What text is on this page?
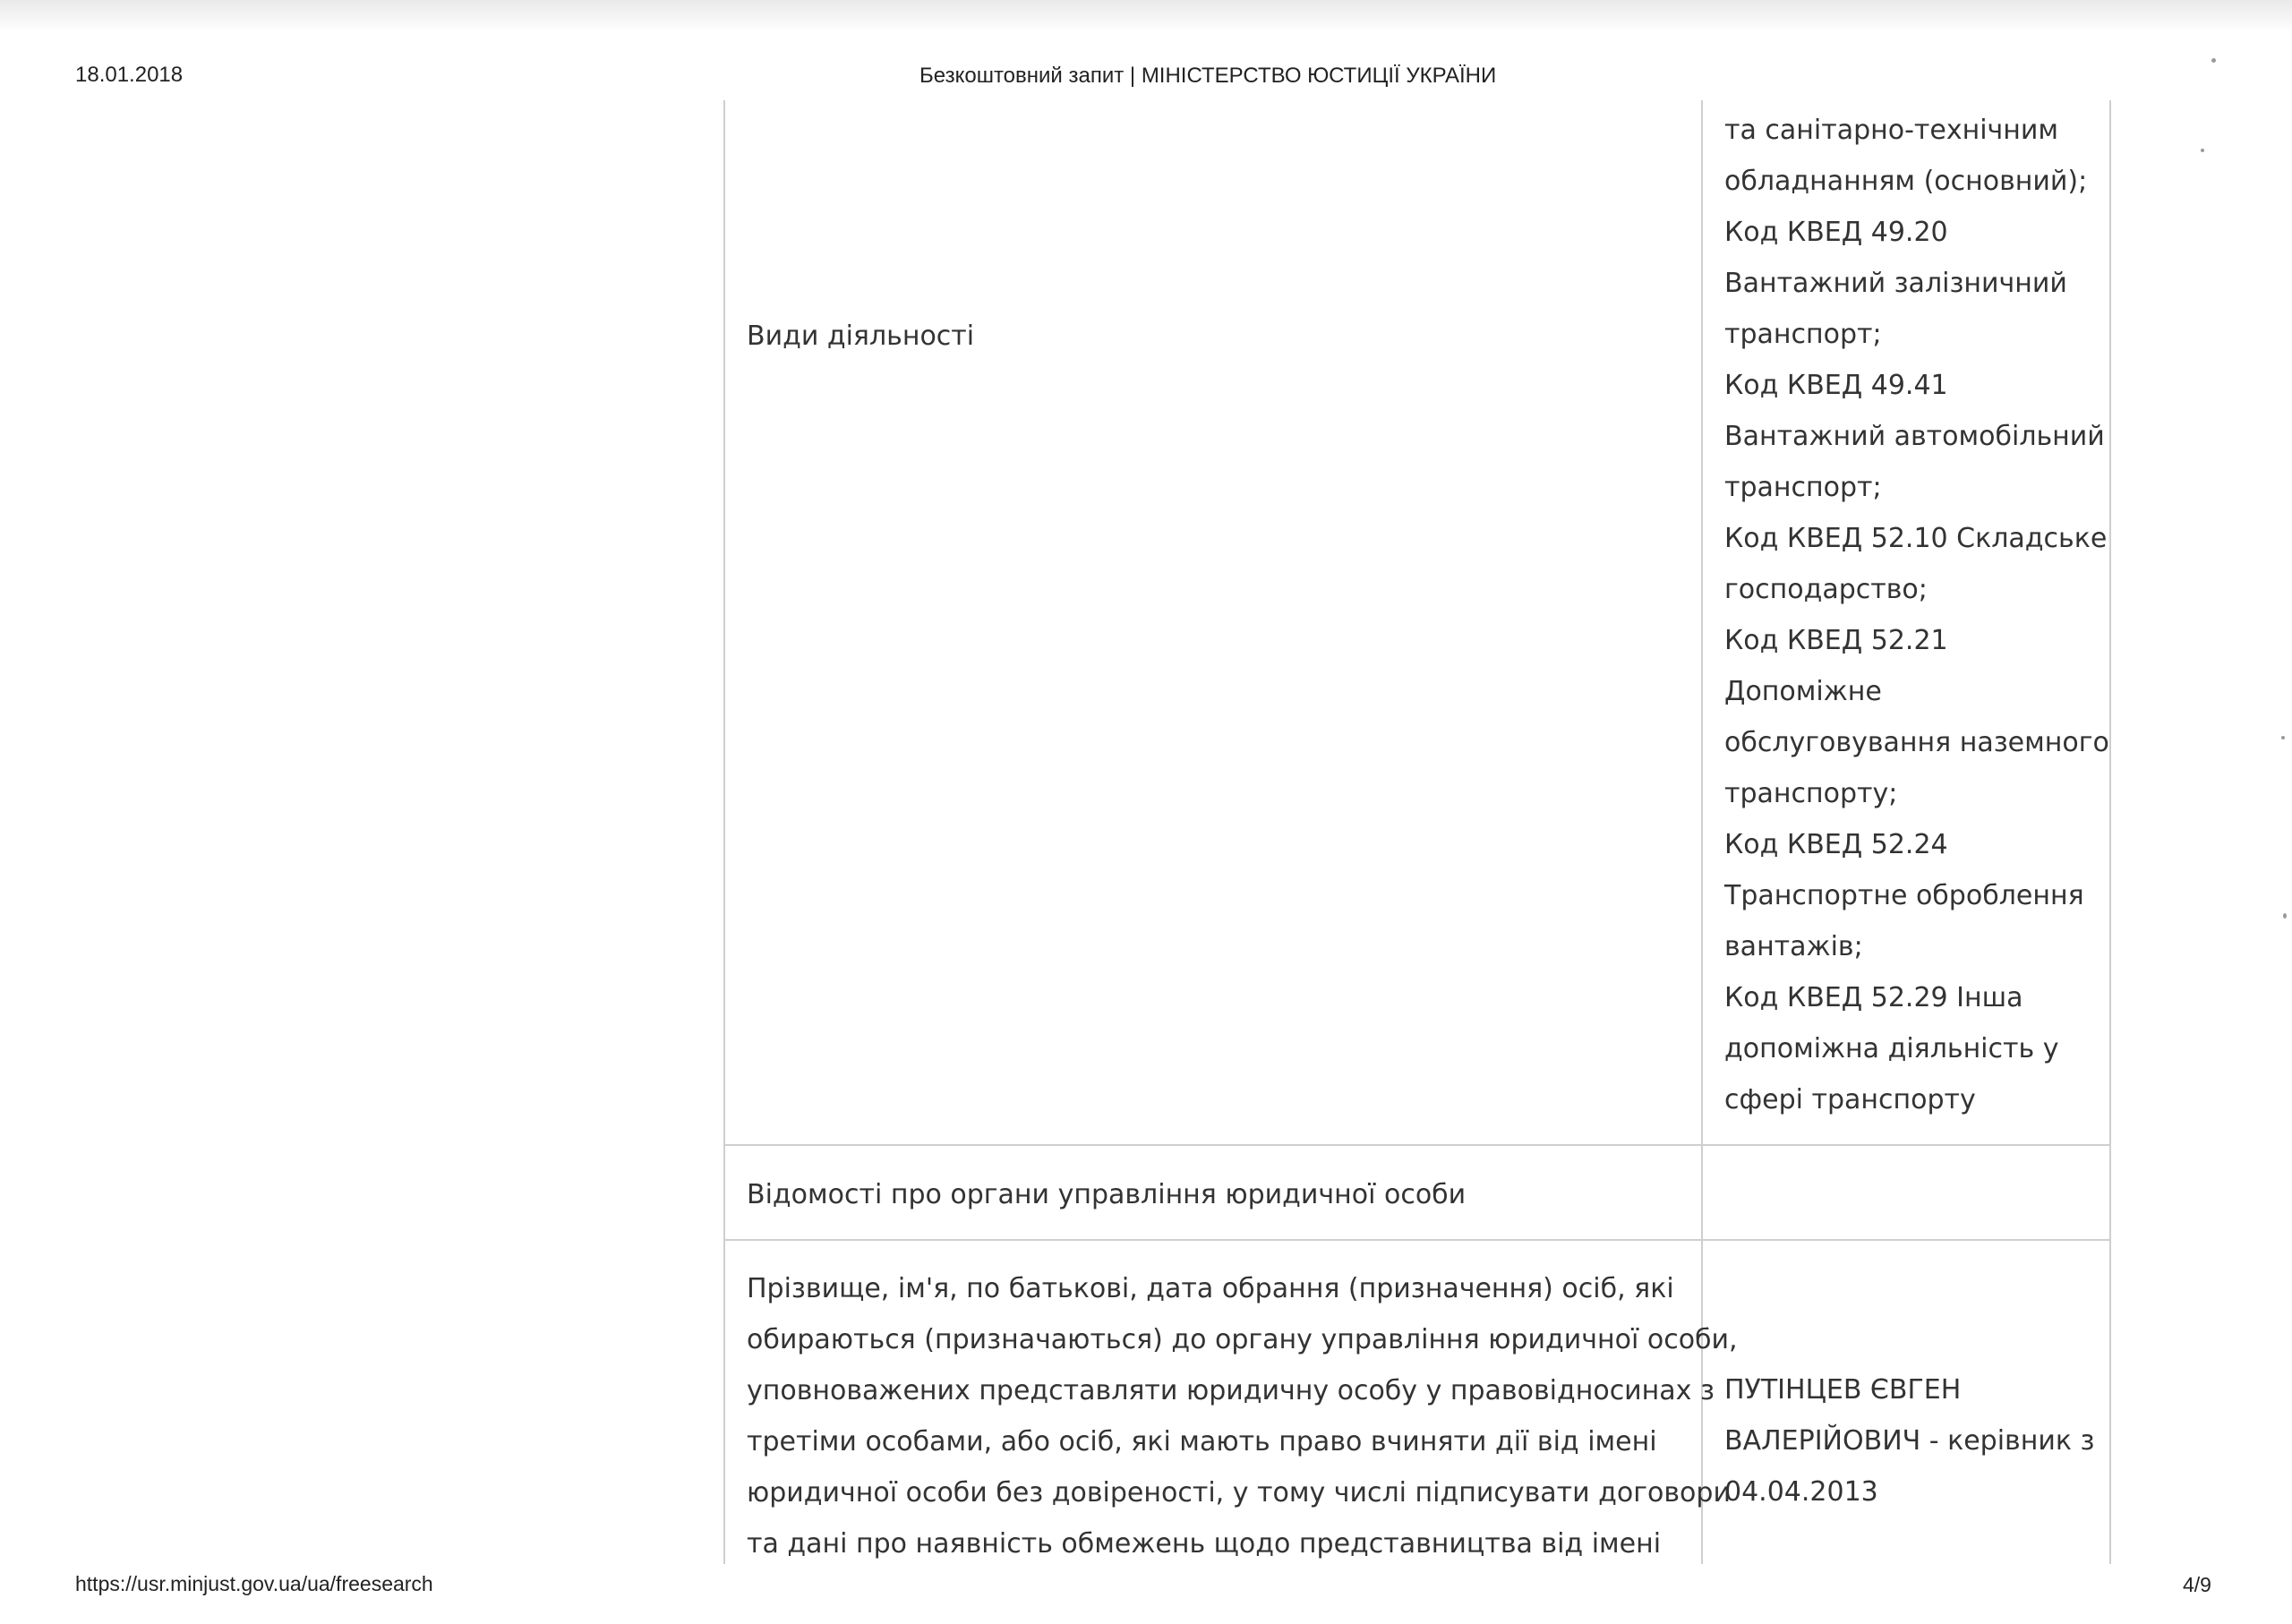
18.01.2018	Безкоштовний запит | МІНІСТЕРСТВО ЮСТИЦІЇ УКРАЇНИ
Види діяльності
та санітарно-технічним
обладнанням (основний);
Код КВЕД 49.20
Вантажний залізничний
транспорт;
Код КВЕД 49.41
Вантажний автомобільний
транспорт;
Код КВЕД 52.10 Складське
господарство;
Код КВЕД 52.21
Допоміжне
обслуговування наземного
транспорту;
Код КВЕД 52.24
Транспортне оброблення
вантажів;
Код КВЕД 52.29 Інша
допоміжна діяльність у
сфері транспорту
Відомості про органи управління юридичної особи
Прізвище, ім'я, по батькові, дата обрання (призначення) осіб, які
обираються (призначаються) до органу управління юридичної особи,
уповноважених представляти юридичну особу у правовідносинах з
третіми особами, або осіб, які мають право вчиняти дії від імені
юридичної особи без довіреності, у тому числі підписувати договори
та дані про наявність обмежень щодо представництва від імені
ПУТІНЦЕВ ЄВГЕН
ВАЛЕРІЙОВИЧ - керівник з
04.04.2013
https://usr.minjust.gov.ua/ua/freesearch	4/9
